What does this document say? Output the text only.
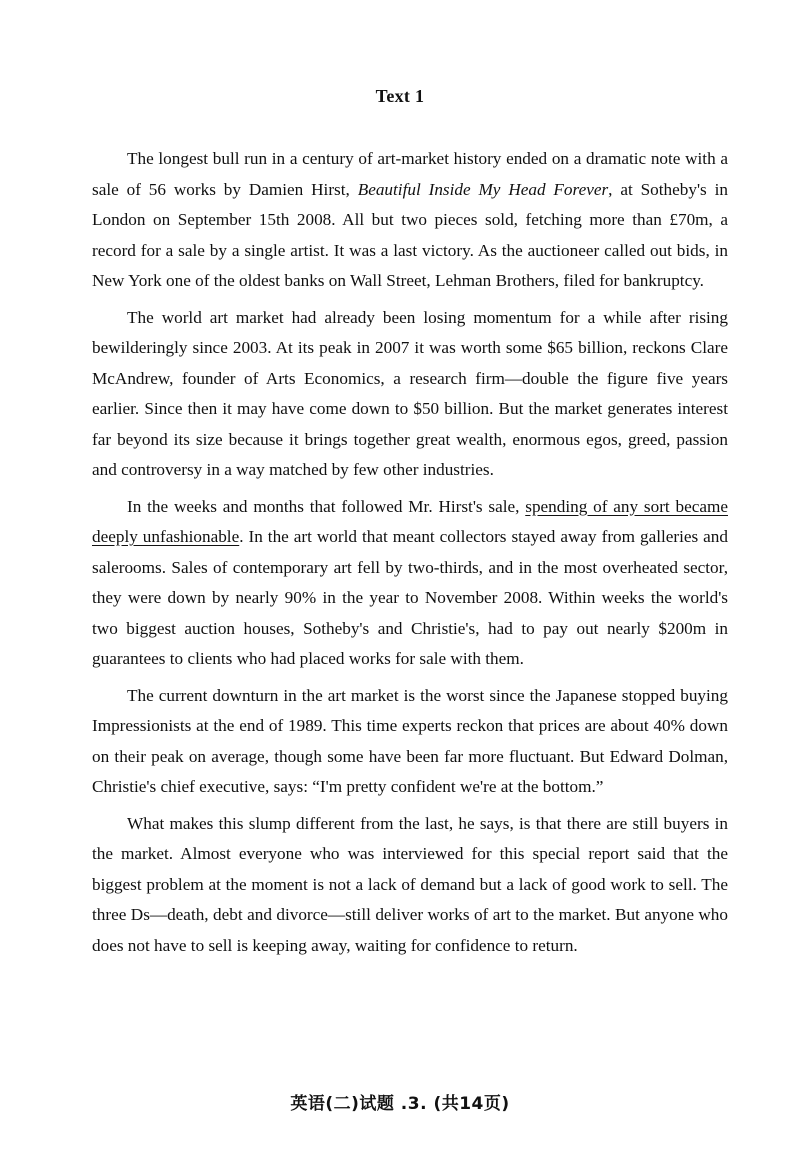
Text 1

The longest bull run in a century of art-market history ended on a dramatic note with a sale of 56 works by Damien Hirst, Beautiful Inside My Head Forever, at Sotheby's in London on September 15th 2008. All but two pieces sold, fetching more than £70m, a record for a sale by a single artist. It was a last victory. As the auctioneer called out bids, in New York one of the oldest banks on Wall Street, Lehman Brothers, filed for bankruptcy.

The world art market had already been losing momentum for a while after rising bewilderingly since 2003. At its peak in 2007 it was worth some $65 billion, reckons Clare McAndrew, founder of Arts Economics, a research firm—double the figure five years earlier. Since then it may have come down to $50 billion. But the market generates interest far beyond its size because it brings together great wealth, enormous egos, greed, passion and controversy in a way matched by few other industries.

In the weeks and months that followed Mr. Hirst's sale, spending of any sort became deeply unfashionable. In the art world that meant collectors stayed away from galleries and salerooms. Sales of contemporary art fell by two-thirds, and in the most overheated sector, they were down by nearly 90% in the year to November 2008. Within weeks the world's two biggest auction houses, Sotheby's and Christie's, had to pay out nearly $200m in guarantees to clients who had placed works for sale with them.

The current downturn in the art market is the worst since the Japanese stopped buying Impressionists at the end of 1989. This time experts reckon that prices are about 40% down on their peak on average, though some have been far more fluctuant. But Edward Dolman, Christie's chief executive, says: “I'm pretty confident we're at the bottom.”

What makes this slump different from the last, he says, is that there are still buyers in the market. Almost everyone who was interviewed for this special report said that the biggest problem at the moment is not a lack of demand but a lack of good work to sell. The three Ds—death, debt and divorce—still deliver works of art to the market. But anyone who does not have to sell is keeping away, waiting for confidence to return.

英语(二)试题 .3. (共14页)
